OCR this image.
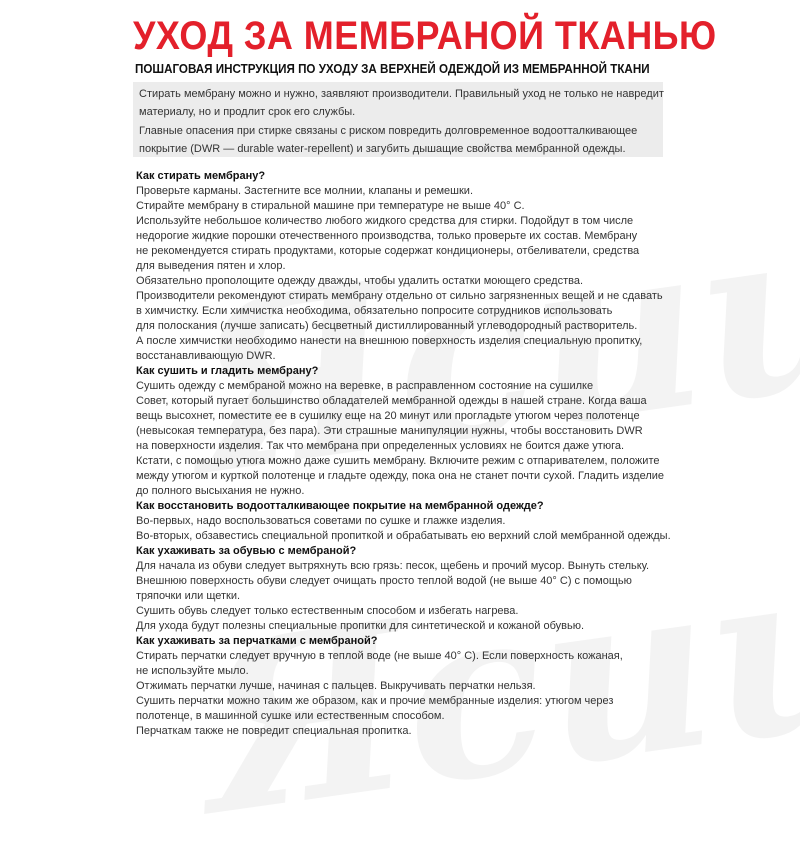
УХОД ЗА МЕМБРАНОЙ ТКАНЬЮ
ПОШАГОВАЯ ИНСТРУКЦИЯ ПО УХОДУ ЗА ВЕРХНЕЙ ОДЕЖДОЙ ИЗ МЕМБРАННОЙ ТКАНИ
Стирать мембрану можно и нужно, заявляют производители. Правильный уход не только не навредит
материалу, но и продлит срок его службы.
Главные опасения при стирке связаны с риском повредить долговременное водоотталкивающее
покрытие (DWR — durable water-repellent) и загубить дышащие свойства мембранной одежды.
Как стирать мембрану?
Проверьте карманы. Застегните все молнии, клапаны и ремешки.
Стирайте мембрану в стиральной машине при температуре не выше 40° С.
Используйте небольшое количество любого жидкого средства для стирки. Подойдут в том числе
недорогие жидкие порошки отечественного производства, только проверьте их состав. Мембрану
не рекомендуется стирать продуктами, которые содержат кондиционеры, отбеливатели, средства
для выведения пятен и хлор.
Обязательно прополощите одежду дважды, чтобы удалить остатки моющего средства.
Производители рекомендуют стирать мембрану отдельно от сильно загрязненных вещей и не сдавать
в химчистку. Если химчистка необходима, обязательно попросите сотрудников использовать
для полоскания (лучше записать) бесцветный дистиллированный углеводородный растворитель.
А после химчистки необходимо нанести на внешнюю поверхность изделия специальную пропитку,
восстанавливающую DWR.
Как сушить и гладить мембрану?
Сушить одежду с мембраной можно на веревке, в расправленном состояние на сушилке
Совет, который пугает большинство обладателей мембранной одежды в нашей стране. Когда ваша
вещь высохнет, поместите ее в сушилку еще на 20 минут или прогладьте утюгом через полотенце
(невысокая температура, без пара). Эти страшные манипуляции нужны, чтобы восстановить DWR
на поверхности изделия. Так что мембрана при определенных условиях не боится даже утюга.
Кстати, с помощью утюга можно даже сушить мембрану. Включите режим с отпаривателем, положите
между утюгом и курткой полотенце и гладьте одежду, пока она не станет почти сухой. Гладить изделие
до полного высыхания не нужно.
Как восстановить водоотталкивающее покрытие на мембранной одежде?
Во-первых, надо воспользоваться советами по сушке и глажке изделия.
Во-вторых, обзавестись специальной пропиткой и обрабатывать ею верхний слой мембранной одежды.
Как ухаживать за обувью с мембраной?
Для начала из обуви следует вытряхнуть всю грязь: песок, щебень и прочий мусор. Вынуть стельку.
Внешнюю поверхность обуви следует очищать просто теплой водой (не выше 40° С) с помощью
тряпочки или щетки.
Сушить обувь следует только естественным способом и избегать нагрева.
Для ухода будут полезны специальные пропитки для синтетической и кожаной обувью.
Как ухаживать за перчатками с мембраной?
Стирать перчатки следует вручную в теплой воде (не выше 40° С). Если поверхность кожаная,
не используйте мыло.
Отжимать перчатки лучше, начиная с пальцев. Выкручивать перчатки нельзя.
Сушить перчатки можно таким же образом, как и прочие мембранные изделия: утюгом через
полотенце, в машинной сушке или естественным способом.
Перчаткам также не повредит специальная пропитка.
